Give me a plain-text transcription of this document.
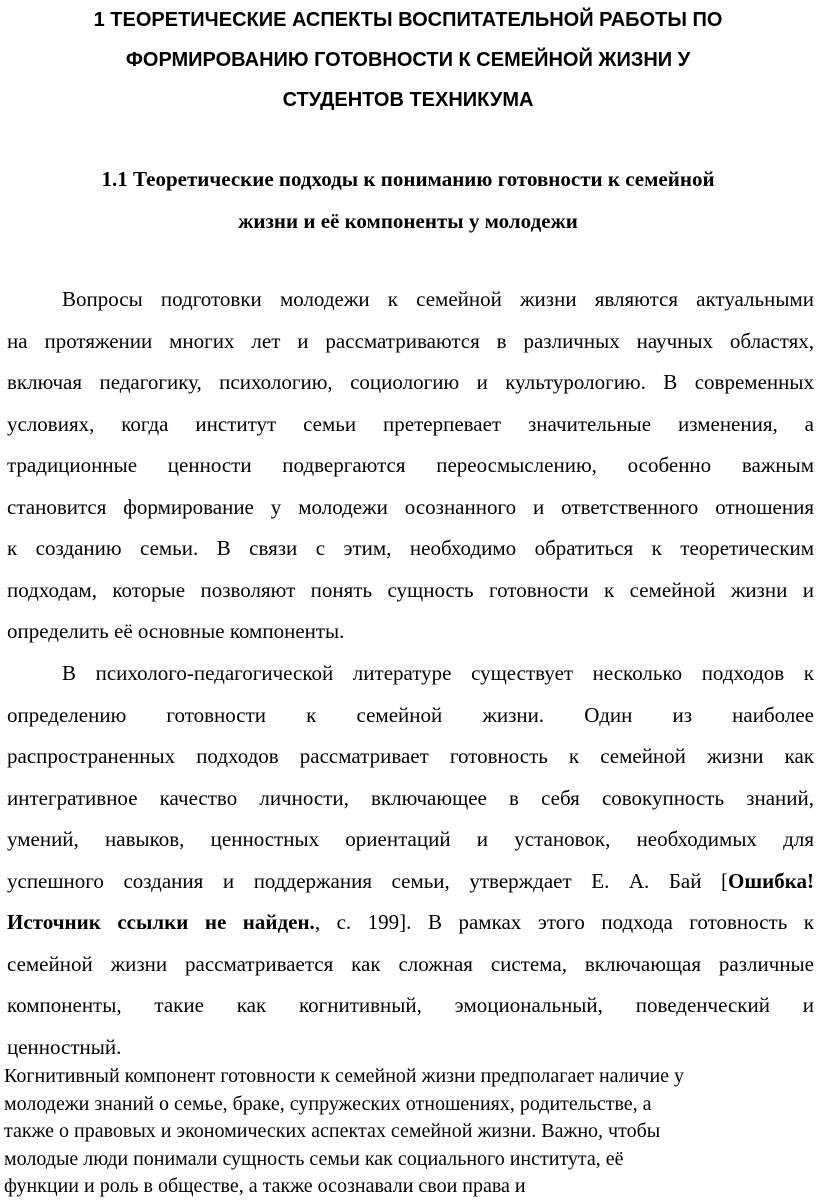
1 ТЕОРЕТИЧЕСКИЕ АСПЕКТЫ ВОСПИТАТЕЛЬНОЙ РАБОТЫ ПО
ФОРМИРОВАНИЮ ГОТОВНОСТИ К СЕМЕЙНОЙ ЖИЗНИ У
СТУДЕНТОВ ТЕХНИКУМА
1.1 Теоретические подходы к пониманию готовности к семейной
жизни и её компоненты у молодежи

Вопросы подготовки молодежи к семейной жизни являются актуальными
на протяжении многих лет и рассматриваются в различных научных областях,
включая педагогику, психологию, социологию и культурологию. В современных
условиях, когда институт семьи претерпевает значительные изменения, а
традиционные ценности подвергаются переосмыслению, особенно важным
становится формирование у молодежи осознанного и ответственного отношения
к созданию семьи. В связи с этим, необходимо обратиться к теоретическим
подходам, которые позволяют понять сущность готовности к семейной жизни и
определить её основные компоненты.

В психолого-педагогической литературе существует несколько подходов к
определению готовности к семейной жизни. Один из наиболее
распространенных подходов рассматривает готовность к семейной жизни как
интегративное качество личности, включающее в себя совокупность знаний,
умений, навыков, ценностных ориентаций и установок, необходимых для
успешного создания и поддержания семьи, утверждает Е. А. Бай [Ошибка!
Источник ссылки не найден., с. 199]. В рамках этого подхода готовность к
семейной жизни рассматривается как сложная система, включающая различные
компоненты, такие как когнитивный, эмоциональный, поведенческий и
ценностный.

Когнитивный компонент готовности к семейной жизни предполагает наличие у
молодежи знаний о семье, браке, супружеских отношениях, родительстве, а
также о правовых и экономических аспектах семейной жизни. Важно, чтобы
молодые люди понимали сущность семьи как социального института, её
функции и роль в обществе, а также осознавали свои права и
